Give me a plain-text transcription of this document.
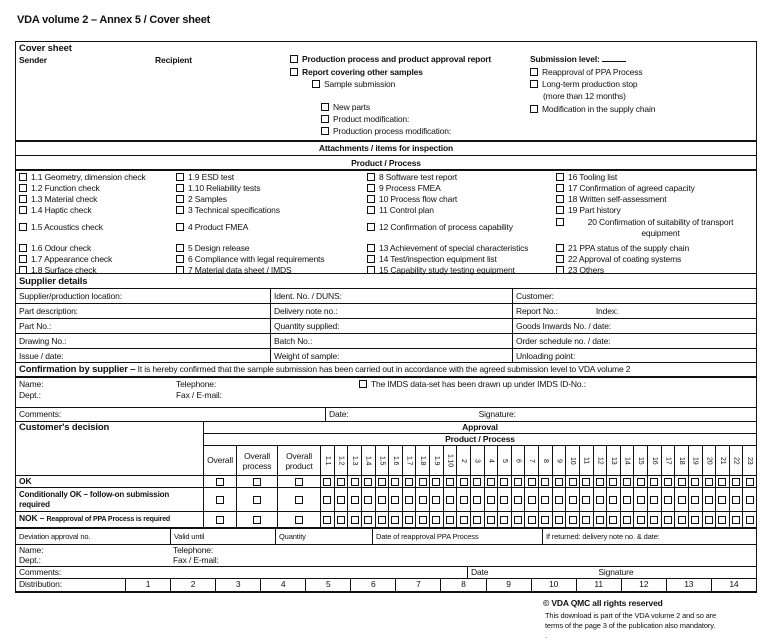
VDA volume 2 – Annex 5 / Cover sheet
Cover sheet
Sender	Recipient	Production process and product approval report
Report covering other samples
Sample submission
New parts
Product modification:
Production process modification:
Submission level:
Reapproval of PPA Process
Long-term production stop
(more than 12 months)
Modification in the supply chain
Attachments / items for inspection
Product / Process
1.1 Geometry, dimension check	1.9 ESD test	8 Software test report	16 Tooling list
1.2 Function check	1.10 Reliability tests	9 Process FMEA	17 Confirmation of agreed capacity
1.3 Material check	2 Samples	10 Process flow chart	18 Written self-assessment
1.4 Haptic check	3 Technical specifications	11 Control plan	19 Part history
1.5 Acoustics check	4 Product FMEA	12 Confirmation of process capability	20 Confirmation of suitability of transport equipment
1.6 Odour check	5 Design release	13 Achievement of special characteristics	21 PPA status of the supply chain
1.7 Appearance check	6 Compliance with legal requirements	14 Test/inspection equipment list	22 Approval of coating systems
1.8 Surface check	7 Material data sheet / IMDS	15 Capability study testing equipment	23 Others
Supplier details		
Supplier/production location:	Ident. No. / DUNS:	Customer:
Part description:	Delivery note no.:	Report No.: Index:
Part No.:	Quantity supplied:	Goods Inwards No. / date:
Drawing No.:	Batch No.:	Order schedule no. / date:
Issue / date:	Weight of sample:	Unloading point:
Confirmation by supplier – It is hereby confirmed that the sample submission has been carried out in accordance with the agreed submission level to VDA volume 2
Name:
Dept.:
Telephone:
Fax / E-mail:
The IMDS data-set has been drawn up under IMDS ID-No.:
Comments:	Date:	Signature:
Customer's decision	Approval																																		
	Product / Process																																		
	Overall	Overall process	Overall product	1.1	1.2	1.3	1.4	1.5	1.6	1.7	1.8	1.9	1.10	2	3	4	5	6	7	8	9	10	11	12	13	14	15	16	17	18	19	20	21	22	23
OK																																			
Conditionally OK – follow-on submission required																																			
NOK – Reapproval of PPA Process is required																																			
Deviation approval no.	Valid until	Quantity	Date of reapproval PPA Process	If returned: delivery note no. & date:
Name:
Dept.:
Telephone:
Fax / E-mail:
Comments:	Date	Signature
Distribution:	1	2	3	4	5	6	7	8	9	10	11	12	13	14
© VDA QMC all rights reserved
This download is part of the VDA volume 2 and so are
terms of the page 3 of the publication also mandatory.
.
